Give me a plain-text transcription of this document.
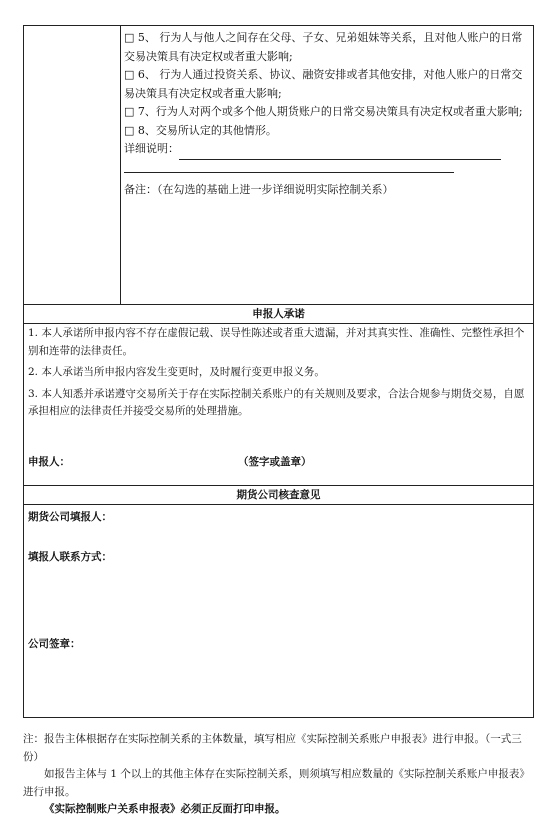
□ 5、 行为人与他人之间存在父母、子女、兄弟姐妹等关系，且对他人账户的日常交易决策具有决定权或者重大影响;

□ 6、 行为人通过投资关系、协议、融资安排或者其他安排，对他人账户的日常交易决策具有决定权或者重大影响;

□ 7、行为人对两个或多个他人期货账户的日常交易决策具有决定权或者重大影响;

□ 8、交易所认定的其他情形。

详细说明：

备注：（在勾选的基础上进一步详细说明实际控制关系）

申报人承诺

1. 本人承诺所申报内容不存在虚假记载、误导性陈述或者重大遗漏，并对其真实性、准确性、完整性承担个别和连带的法律责任。

2. 本人承诺当所申报内容发生变更时，及时履行变更申报义务。

3. 本人知悉并承诺遵守交易所关于存在实际控制关系账户的有关规则及要求，合法合规参与期货交易，自愿承担相应的法律责任并接受交易所的处理措施。

申报人：	（签字或盖章）
期货公司核查意见
期货公司填报人：
填报人联系方式：
公司签章：

注：报告主体根据存在实际控制关系的主体数量，填写相应《实际控制关系账户申报表》进行申报。（一式三份）

如报告主体与 1 个以上的其他主体存在实际控制关系，则须填写相应数量的《实际控制关系账户申报表》进行申报。

《实际控制账户关系申报表》必须正反面打印申报。
